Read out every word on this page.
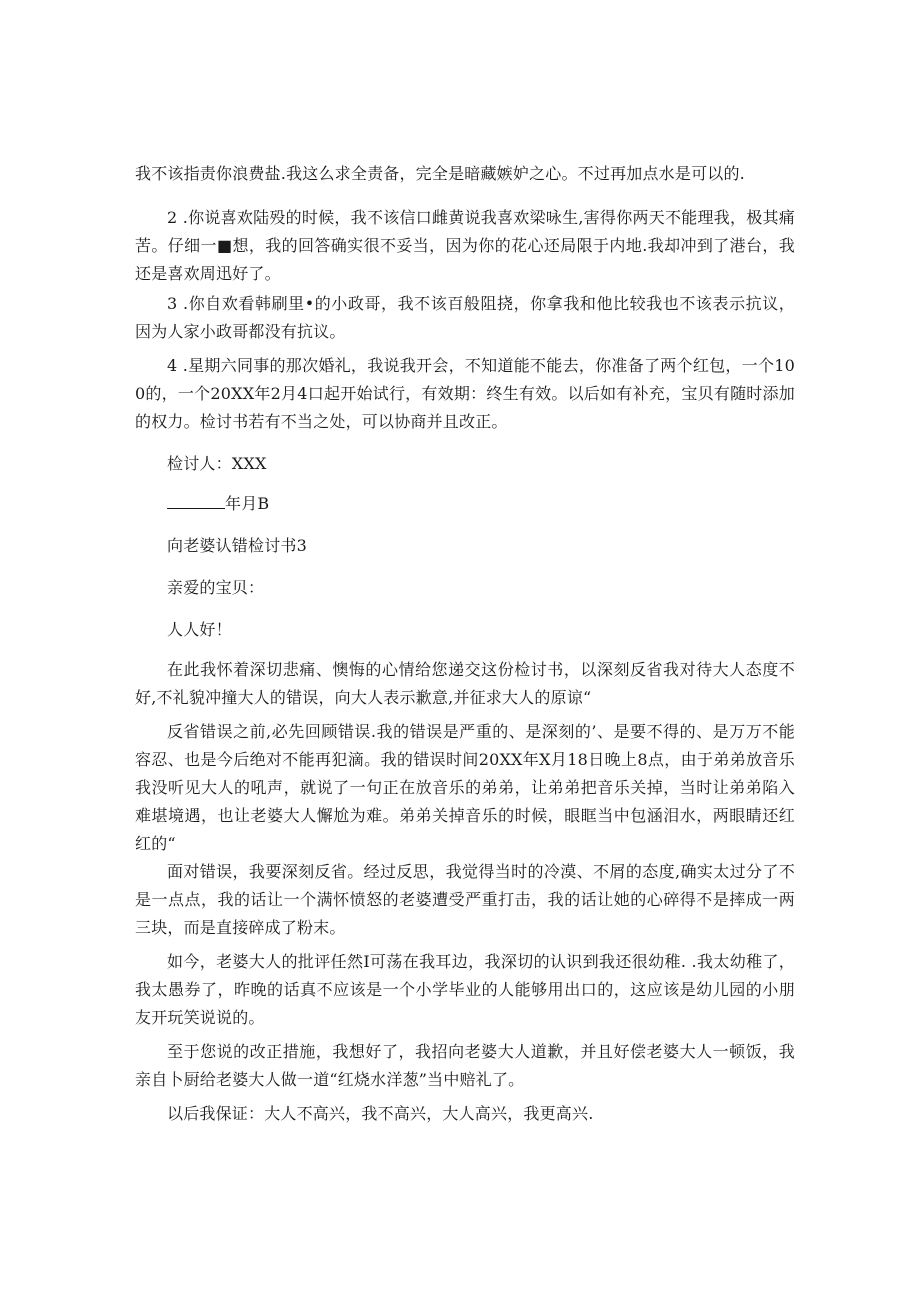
我不该指责你浪费盐.我这么求全责备，完全是暗藏嫉妒之心。不过再加点水是可以的.

2 .你说喜欢陆殁的时候，我不该信口雌黄说我喜欢梁咏生,害得你两天不能理我，极其痛苦。仔细一■想，我的回答确实很不妥当，因为你的花心还局限于内地.我却冲到了港台，我还是喜欢周迅好了。

3 .你自欢看韩刷里•的小政哥，我不该百般阻挠，你拿我和他比较我也不该表示抗议，因为人家小政哥都没有抗议。

4 .星期六同事的那次婚礼，我说我开会，不知道能不能去，你准备了两个红包，一个100的，一个20XX年2月4口起开始试行，有效期：终生有效。以后如有补充，宝贝有随时添加的权力。检讨书若有不当之处，可以协商并且改正。

检讨人：XXX

年月B

向老婆认错检讨书3

亲爱的宝贝：

人人好！

在此我怀着深切悲痛、懊悔的心情给您递交这份检讨书，以深刻反省我对待大人态度不好,不礼貌冲撞大人的错误，向大人表示歉意,并征求大人的原谅“

反省错误之前,必先回顾错误.我的错误是严重的、是深刻的’、是要不得的、是万万不能容忍、也是今后绝对不能再犯滴。我的错误时间20XX年X月18日晚上8点，由于弟弟放音乐我没听见大人的吼声，就说了一句正在放音乐的弟弟，让弟弟把音乐关掉，当时让弟弟陷入难堪境遇，也让老婆大人懈尬为难。弟弟关掉音乐的时候，眼眶当中包涵泪水，两眼睛还红红的“

面对错误，我要深刻反省。经过反思，我觉得当时的冷漠、不屑的态度,确实太过分了不是一点点，我的话让一个满怀愤怒的老婆遭受严重打击，我的话让她的心碎得不是摔成一两三块，而是直接碎成了粉末。

如今，老婆大人的批评任然I可荡在我耳边，我深切的认识到我还很幼稚. .我太幼稚了，我太愚券了，昨晚的话真不应该是一个小学毕业的人能够用出口的，这应该是幼儿园的小朋友开玩笑说说的。

至于您说的改正措施，我想好了，我招向老婆大人道歉，并且好偿老婆大人一顿饭，我亲自卜厨给老婆大人做一道“红烧水洋葱”当中赔礼了。

以后我保证：大人不高兴，我不高兴，大人高兴，我更高兴.
